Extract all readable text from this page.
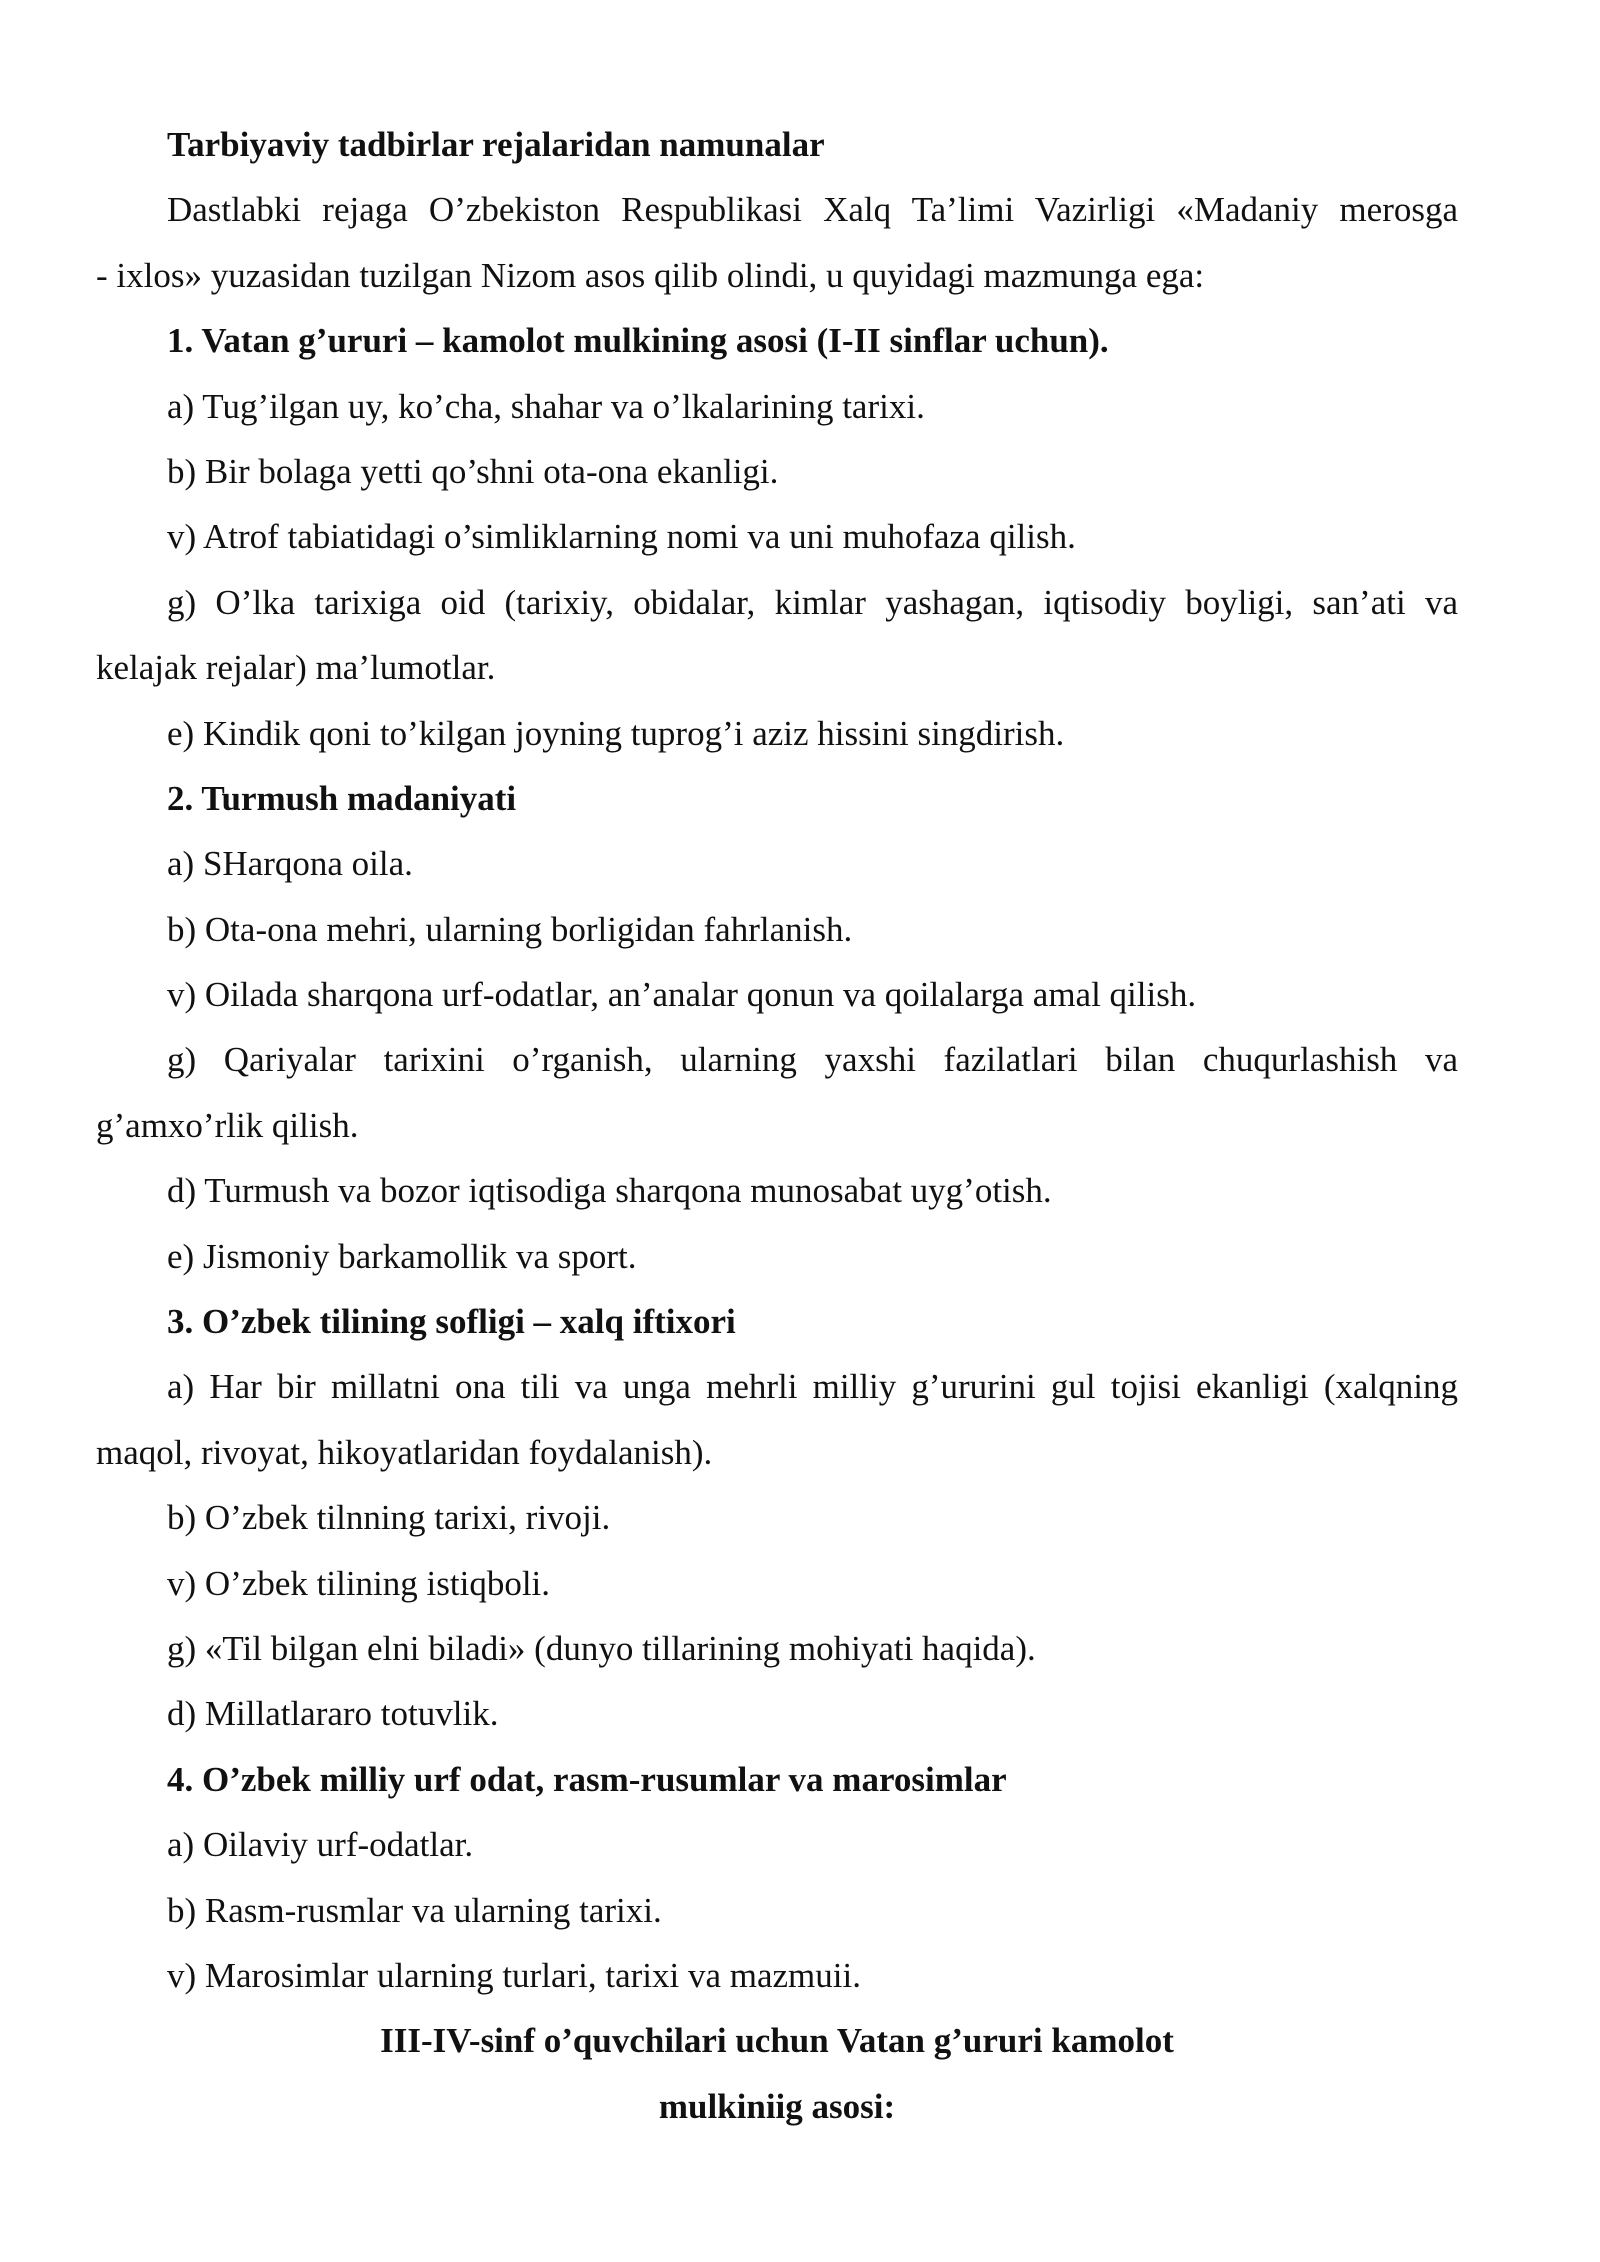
Tarbiyaviy tadbirlar rejalaridan namunalar

Dastlabki rejaga O’zbekiston Respublikasi Xalq Ta’limi Vazirligi «Madaniy merosga

- ixlos» yuzasidan tuzilgan Nizom asos qilib olindi, u quyidagi mazmunga ega:

1. Vatan g’ururi – kamolot mulkining asosi (I-II sinflar uchun).

a) Tug’ilgan uy, ko’cha, shahar va o’lkalarining tarixi.

b) Bir bolaga yetti qo’shni ota-ona ekanligi.

v) Atrof tabiatidagi o’simliklarning nomi va uni muhofaza qilish.

g) O’lka tarixiga oid (tarixiy, obidalar, kimlar yashagan, iqtisodiy boyligi, san’ati va

kelajak rejalar) ma’lumotlar.

e) Kindik qoni to’kilgan joyning tuprog’i aziz hissini singdirish.

2. Turmush madaniyati

a) SHarqona oila.

b) Ota-ona mehri, ularning borligidan fahrlanish.

v) Oilada sharqona urf-odatlar, an’analar qonun va qoilalarga amal qilish.

g) Qariyalar tarixini o’rganish, ularning yaxshi fazilatlari bilan chuqurlashish va

g’amxo’rlik qilish.

d) Turmush va bozor iqtisodiga sharqona munosabat uyg’otish.

e) Jismoniy barkamollik va sport.

3. O’zbek tilining sofligi – xalq iftixori

a) Har bir millatni ona tili va unga mehrli milliy g’ururini gul tojisi ekanligi (xalqning

maqol, rivoyat, hikoyatlaridan foydalanish).

b) O’zbek tilnning tarixi, rivoji.

v) O’zbek tilining istiqboli.

g) «Til bilgan elni biladi» (dunyo tillarining mohiyati haqida).

d) Millatlararo totuvlik.

4. O’zbek milliy urf odat, rasm-rusumlar va marosimlar

a) Oilaviy urf-odatlar.

b) Rasm-rusmlar va ularning tarixi.

v) Marosimlar ularning turlari, tarixi va mazmuii.

III-IV-sinf o’quvchilari uchun Vatan g’ururi kamolot

mulkiniig asosi:
